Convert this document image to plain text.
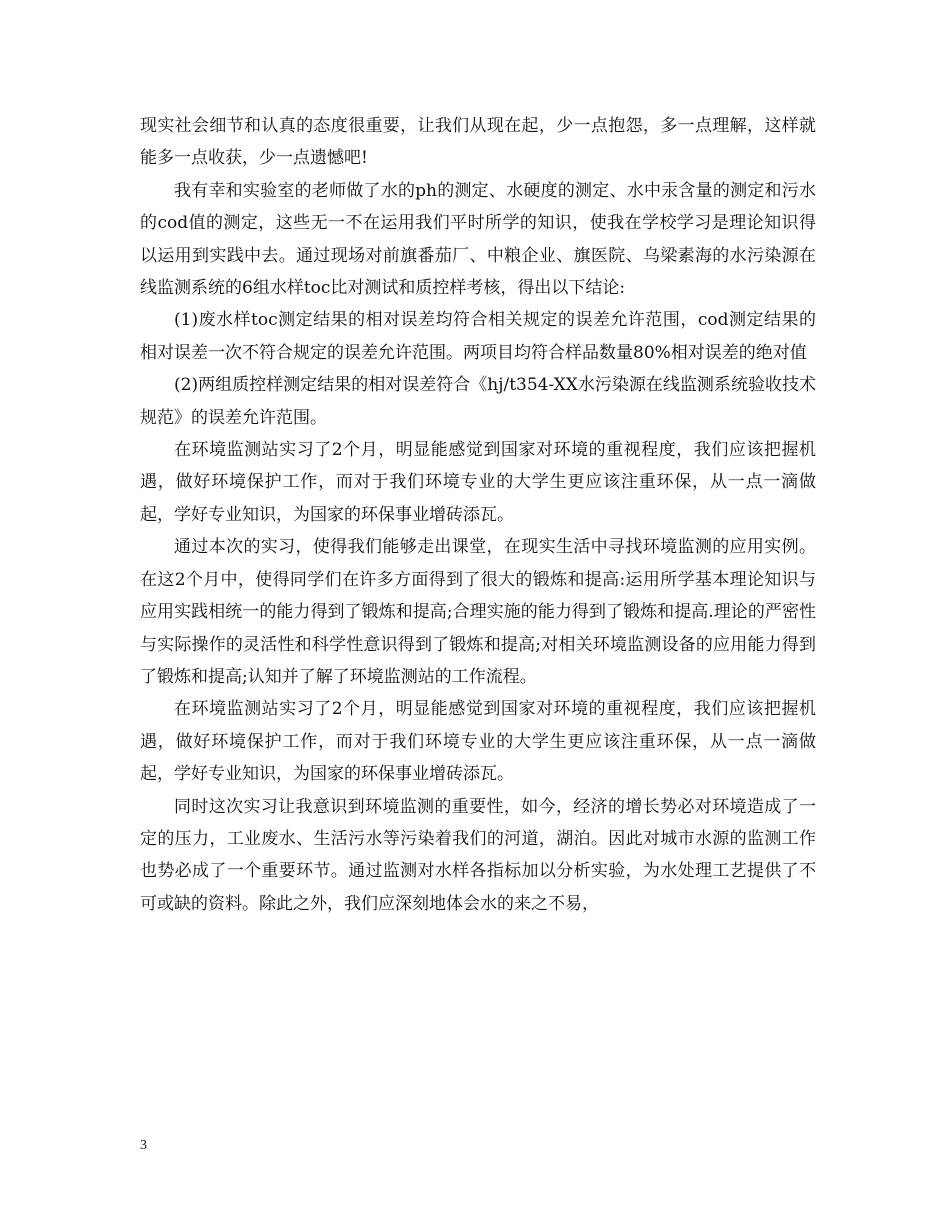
现实社会细节和认真的态度很重要，让我们从现在起，少一点抱怨，多一点理解，这样就能多一点收获，少一点遗憾吧!

我有幸和实验室的老师做了水的ph的测定、水硬度的测定、水中汞含量的测定和污水的cod值的测定，这些无一不在运用我们平时所学的知识，使我在学校学习是理论知识得以运用到实践中去。通过现场对前旗番茄厂、中粮企业、旗医院、乌梁素海的水污染源在线监测系统的6组水样toc比对测试和质控样考核，得出以下结论:

(1)废水样toc测定结果的相对误差均符合相关规定的误差允许范围，cod测定结果的相对误差一次不符合规定的误差允许范围。两项目均符合样品数量80%相对误差的绝对值

(2)两组质控样测定结果的相对误差符合《hj/t354-XX水污染源在线监测系统验收技术规范》的误差允许范围。

在环境监测站实习了2个月，明显能感觉到国家对环境的重视程度，我们应该把握机遇，做好环境保护工作，而对于我们环境专业的大学生更应该注重环保，从一点一滴做起，学好专业知识，为国家的环保事业增砖添瓦。

通过本次的实习，使得我们能够走出课堂，在现实生活中寻找环境监测的应用实例。在这2个月中，使得同学们在许多方面得到了很大的锻炼和提高:运用所学基本理论知识与应用实践相统一的能力得到了锻炼和提高;合理实施的能力得到了锻炼和提高.理论的严密性与实际操作的灵活性和科学性意识得到了锻炼和提高;对相关环境监测设备的应用能力得到了锻炼和提高;认知并了解了环境监测站的工作流程。

在环境监测站实习了2个月，明显能感觉到国家对环境的重视程度，我们应该把握机遇，做好环境保护工作，而对于我们环境专业的大学生更应该注重环保，从一点一滴做起，学好专业知识，为国家的环保事业增砖添瓦。

同时这次实习让我意识到环境监测的重要性，如今，经济的增长势必对环境造成了一定的压力，工业废水、生活污水等污染着我们的河道，湖泊。因此对城市水源的监测工作也势必成了一个重要环节。通过监测对水样各指标加以分析实验，为水处理工艺提供了不可或缺的资料。除此之外，我们应深刻地体会水的来之不易，

3
